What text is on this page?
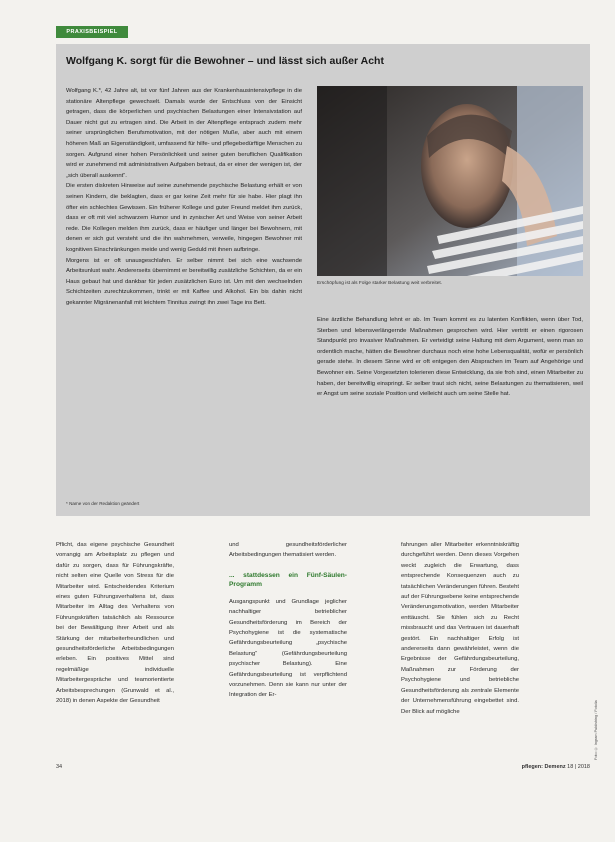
PRAXISBEISPIEL
Wolfgang K. sorgt für die Bewohner – und lässt sich außer Acht

Wolfgang K.*, 42 Jahre alt, ist vor fünf Jahren aus der Krankenhausintensivpflege in die stationäre Altenpflege gewechselt. Damals wurde der Entschluss von der Einsicht getragen, dass die körperlichen und psychischen Belastungen einer Intensivstation auf Dauer nicht gut zu ertragen sind. Die Arbeit in der Altenpflege entsprach zudem mehr seiner ursprünglichen Berufsmotivation, mit der nötigen Muße, aber auch mit einem höheren Maß an Eigenständigkeit, umfassend für hilfe- und pflegebedürftige Menschen zu sorgen. Aufgrund einer hohen Persönlichkeit und seiner guten beruflichen Qualifikation wird er zunehmend mit administrativen Aufgaben betraut, da er einer der wenigen ist, der „sich überall auskennt“.

Die ersten diskreten Hinweise auf seine zunehmende psychische Belastung erhält er von seinen Kindern, die beklagten, dass er gar keine Zeit mehr für sie habe. Hier plagt ihn öfter ein schlechtes Gewissen. Ein früherer Kollege und guter Freund meldet ihm zurück, dass er oft mit viel schwarzem Humor und in zynischer Art und Weise von seiner Arbeit rede. Die Kollegen melden ihm zurück, dass er häufiger und länger bei Bewohnern, mit denen er sich gut versteht und die ihn wahrnehmen, verweile, hingegen Bewohner mit kognitiven Einschränkungen meide und wenig Geduld mit ihnen aufbringe.

Morgens ist er oft unausgeschlafen. Er selber nimmt bei sich eine wachsende Arbeitsunlust wahr. Andererseits übernimmt er bereitwillig zusätzliche Schichten, da er ein Haus gebaut hat und dankbar für jeden zusätzlichen Euro ist. Um mit den wechselnden Schichtzeiten zurechtzukommen, trinkt er mit Kaffee und Alkohol. Ein bis dahin nicht gekannter Migränenanfall mit leichtem Tinnitus zwingt ihn zwei Tage ins Bett.

Erschöpfung ist als Folge starker Belastung weit verbreitet.

Eine ärztliche Behandlung lehnt er ab. Im Team kommt es zu latenten Konflikten, wenn über Tod, Sterben und lebensverlängernde Maßnahmen gesprochen wird. Hier vertritt er einen rigorosen Standpunkt pro invasiver Maßnahmen. Er verteidigt seine Haltung mit dem Argument, wenn man so ordentlich mache, hätten die Bewohner durchaus noch eine hohe Lebensqualität, wofür er persönlich gerade stehe. In diesem Sinne wird er oft entgegen den Absprachen im Team auf Angehörige und Bewohner ein. Seine Vorgesetzten tolerieren diese Entwicklung, da sie froh sind, einen Mitarbeiter zu haben, der bereitwillig einspringt. Er selber traut sich nicht, seine Belastungen zu thematisieren, weil er Angst um seine soziale Position und vielleicht auch um seine Stelle hat.

* Name von der Redaktion geändert

Pflicht, das eigene psychische Gesundheit vorrangig am Arbeitsplatz zu pflegen und dafür zu sorgen, dass für Führungskräfte, nicht selten eine Quelle von Stress für die Mitarbeiter wird. Entscheidendes Kriterium eines guten Führungsverhaltens ist, dass Mitarbeiter im Alltag des Verhaltens von Führungskräften tatsächlich als Ressource bei der Bewältigung ihrer Arbeit und als Stärkung der mitarbeiterfreundlichen und gesundheitsförderliche Arbeitsbedingungen erleben. Ein positives Mittel sind regelmäßige individuelle Mitarbeitergespräche und teamorientierte Arbeitsbesprechungen (Grunwald et al., 2018) in denen Aspekte der Gesundheit

und gesundheitsförderlicher Arbeitsbedingungen thematisiert werden.

... stattdessen ein Fünf-Säulen-Programm

Ausgangspunkt und Grundlage jeglicher nachhaltiger betrieblicher Gesundheitsförderung im Bereich der Psychohygiene ist die systematische Gefährdungsbeurteilung „psychische Belastung“ (Gefährdungsbeurteilung psychischer Belastung). Eine Gefährdungsbeurteilung ist verpflichtend vorzunehmen. Denn sie kann nur unter der Integration der Er-

fahrungen aller Mitarbeiter erkenntniskräftig durchgeführt werden. Denn dieses Vorgehen weckt zugleich die Erwartung, dass entsprechende Konsequenzen auch zu tatsächlichen Veränderungen führen. Besteht auf der Führungsebene keine entsprechende Veränderungsmotivation, werden Mitarbeiter enttäuscht. Sie fühlen sich zu Recht missbraucht und das Vertrauen ist dauerhaft gestört. Ein nachhaltiger Erfolg ist andererseits dann gewährleistet, wenn die Ergebnisse der Gefährdungsbeurteilung, Maßnahmen zur Förderung der Psychohygiene und betriebliche Gesundheitsförderung als zentrale Elemente der Unternehmensführung eingebettet sind. Der Blick auf mögliche	Foto: © Ingram Publishing / Fotolia
34	pflegen: Demenz 18 | 2018
